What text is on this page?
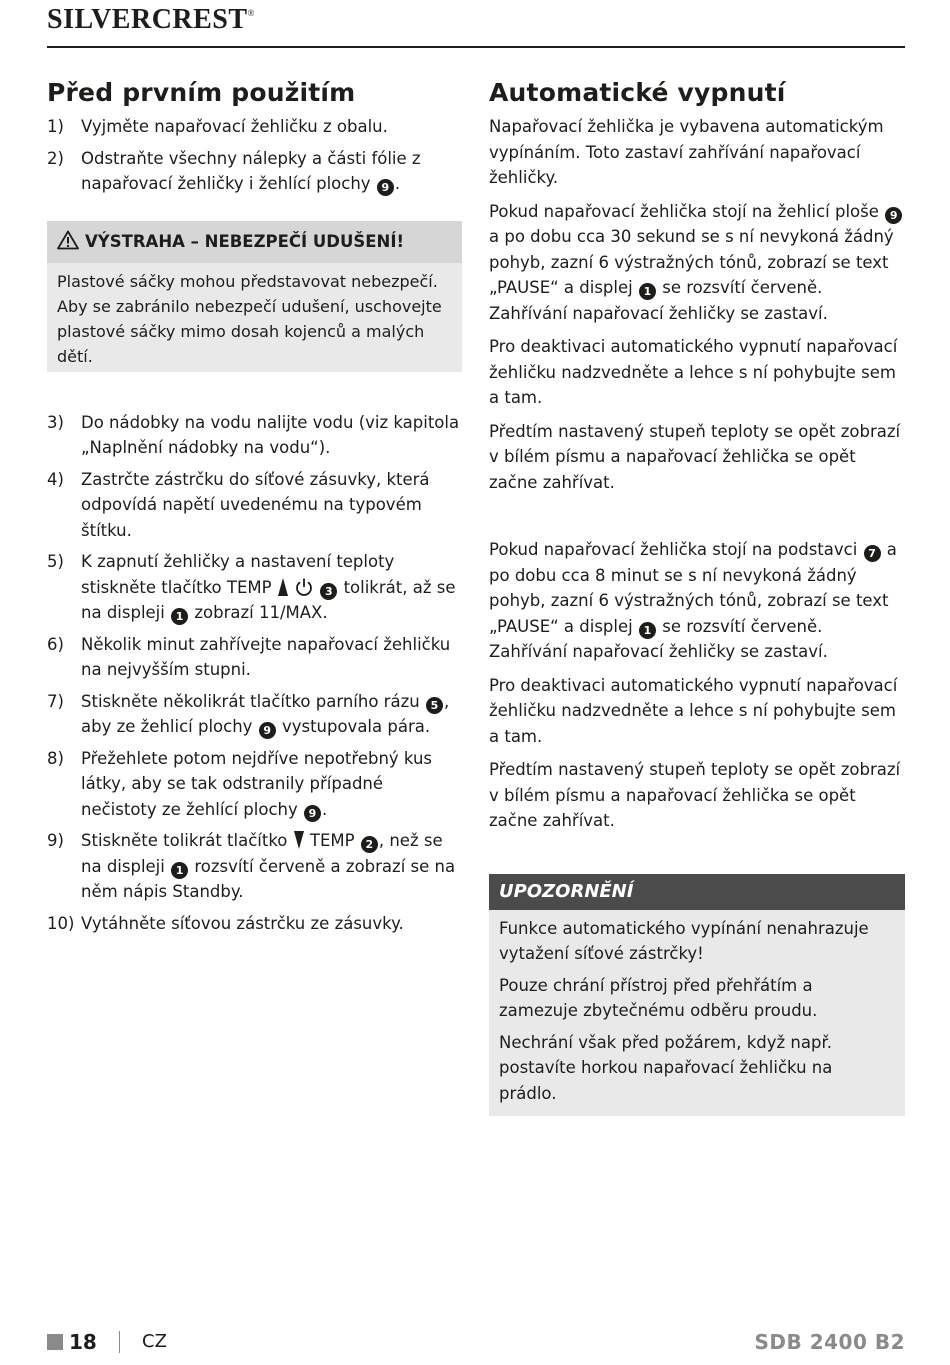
SILVERCREST®
Před prvním použitím
1) Vyjměte napařovací žehličku z obalu.
2) Odstraňte všechny nálepky a části fólie z napařovací žehličky i žehlící plochy 9 .
VÝSTRAHA – NEBEZPEČÍ UDUŠENÍ!
Plastové sáčky mohou představovat nebezpečí. Aby se zabránilo nebezpečí udušení, uschovejte plastové sáčky mimo dosah kojenců a malých dětí.
3) Do nádobky na vodu nalijte vodu (viz kapitola „Naplnění nádobky na vodu“).
4) Zastrčte zástrčku do síťové zásuvky, která odpovídá napětí uvedenému na typovém štítku.
5) K zapnutí žehličky a nastavení teploty stiskněte tlačítko TEMP	3 tolikrát, až se na displeji 1 zobrazí 11/MAX.
6) Několik minut zahřívejte napařovací žehličku na nejvyšším stupni.
7) Stiskněte několikrát tlačítko parního rázu 5 , aby ze žehlicí plochy 9 vystupovala pára.
8) Přežehlete potom nejdříve nepotřebný kus látky, aby se tak odstranily případné nečistoty ze žehlící plochy 9 .
9) Stiskněte tolikrát tlačítko TEMP 2 , než se na displeji 1 rozsvítí červeně a zobrazí se na něm nápis Standby.
10) Vytáhněte síťovou zástrčku ze zásuvky.
Automatické vypnutí

Napařovací žehlička je vybavena automatickým vypínáním. Toto zastaví zahřívání napařovací žehličky.

Pokud napařovací žehlička stojí na žehlicí ploše 9 a po dobu cca 30 sekund se s ní nevykoná žádný pohyb, zazní 6 výstražných tónů, zobrazí se text „PAUSE“ a displej 1 se rozsvítí červeně. Zahřívání napařovací žehličky se zastaví.

Pro deaktivaci automatického vypnutí napařovací žehličku nadzvedněte a lehce s ní pohybujte sem a tam.

Předtím nastavený stupeň teploty se opět zobrazí v bílém písmu a napařovací žehlička se opět začne zahřívat.

Pokud napařovací žehlička stojí na podstavci 7 a po dobu cca 8 minut se s ní nevykoná žádný pohyb, zazní 6 výstražných tónů, zobrazí se text „PAUSE“ a displej 1 se rozsvítí červeně. Zahřívání napařovací žehličky se zastaví.

Pro deaktivaci automatického vypnutí napařovací žehličku nadzvedněte a lehce s ní pohybujte sem a tam.

Předtím nastavený stupeň teploty se opět zobrazí v bílém písmu a napařovací žehlička se opět začne zahřívat.

UPOZORNĚNÍ

Funkce automatického vypínání nenahrazuje vytažení síťové zástrčky!

Pouze chrání přístroj před přehřátím a zamezuje zbytečnému odběru proudu.

Nechrání však před požárem, když např. postavíte horkou napařovací žehličku na prádlo.

18	CZ	SDB 2400 B2
